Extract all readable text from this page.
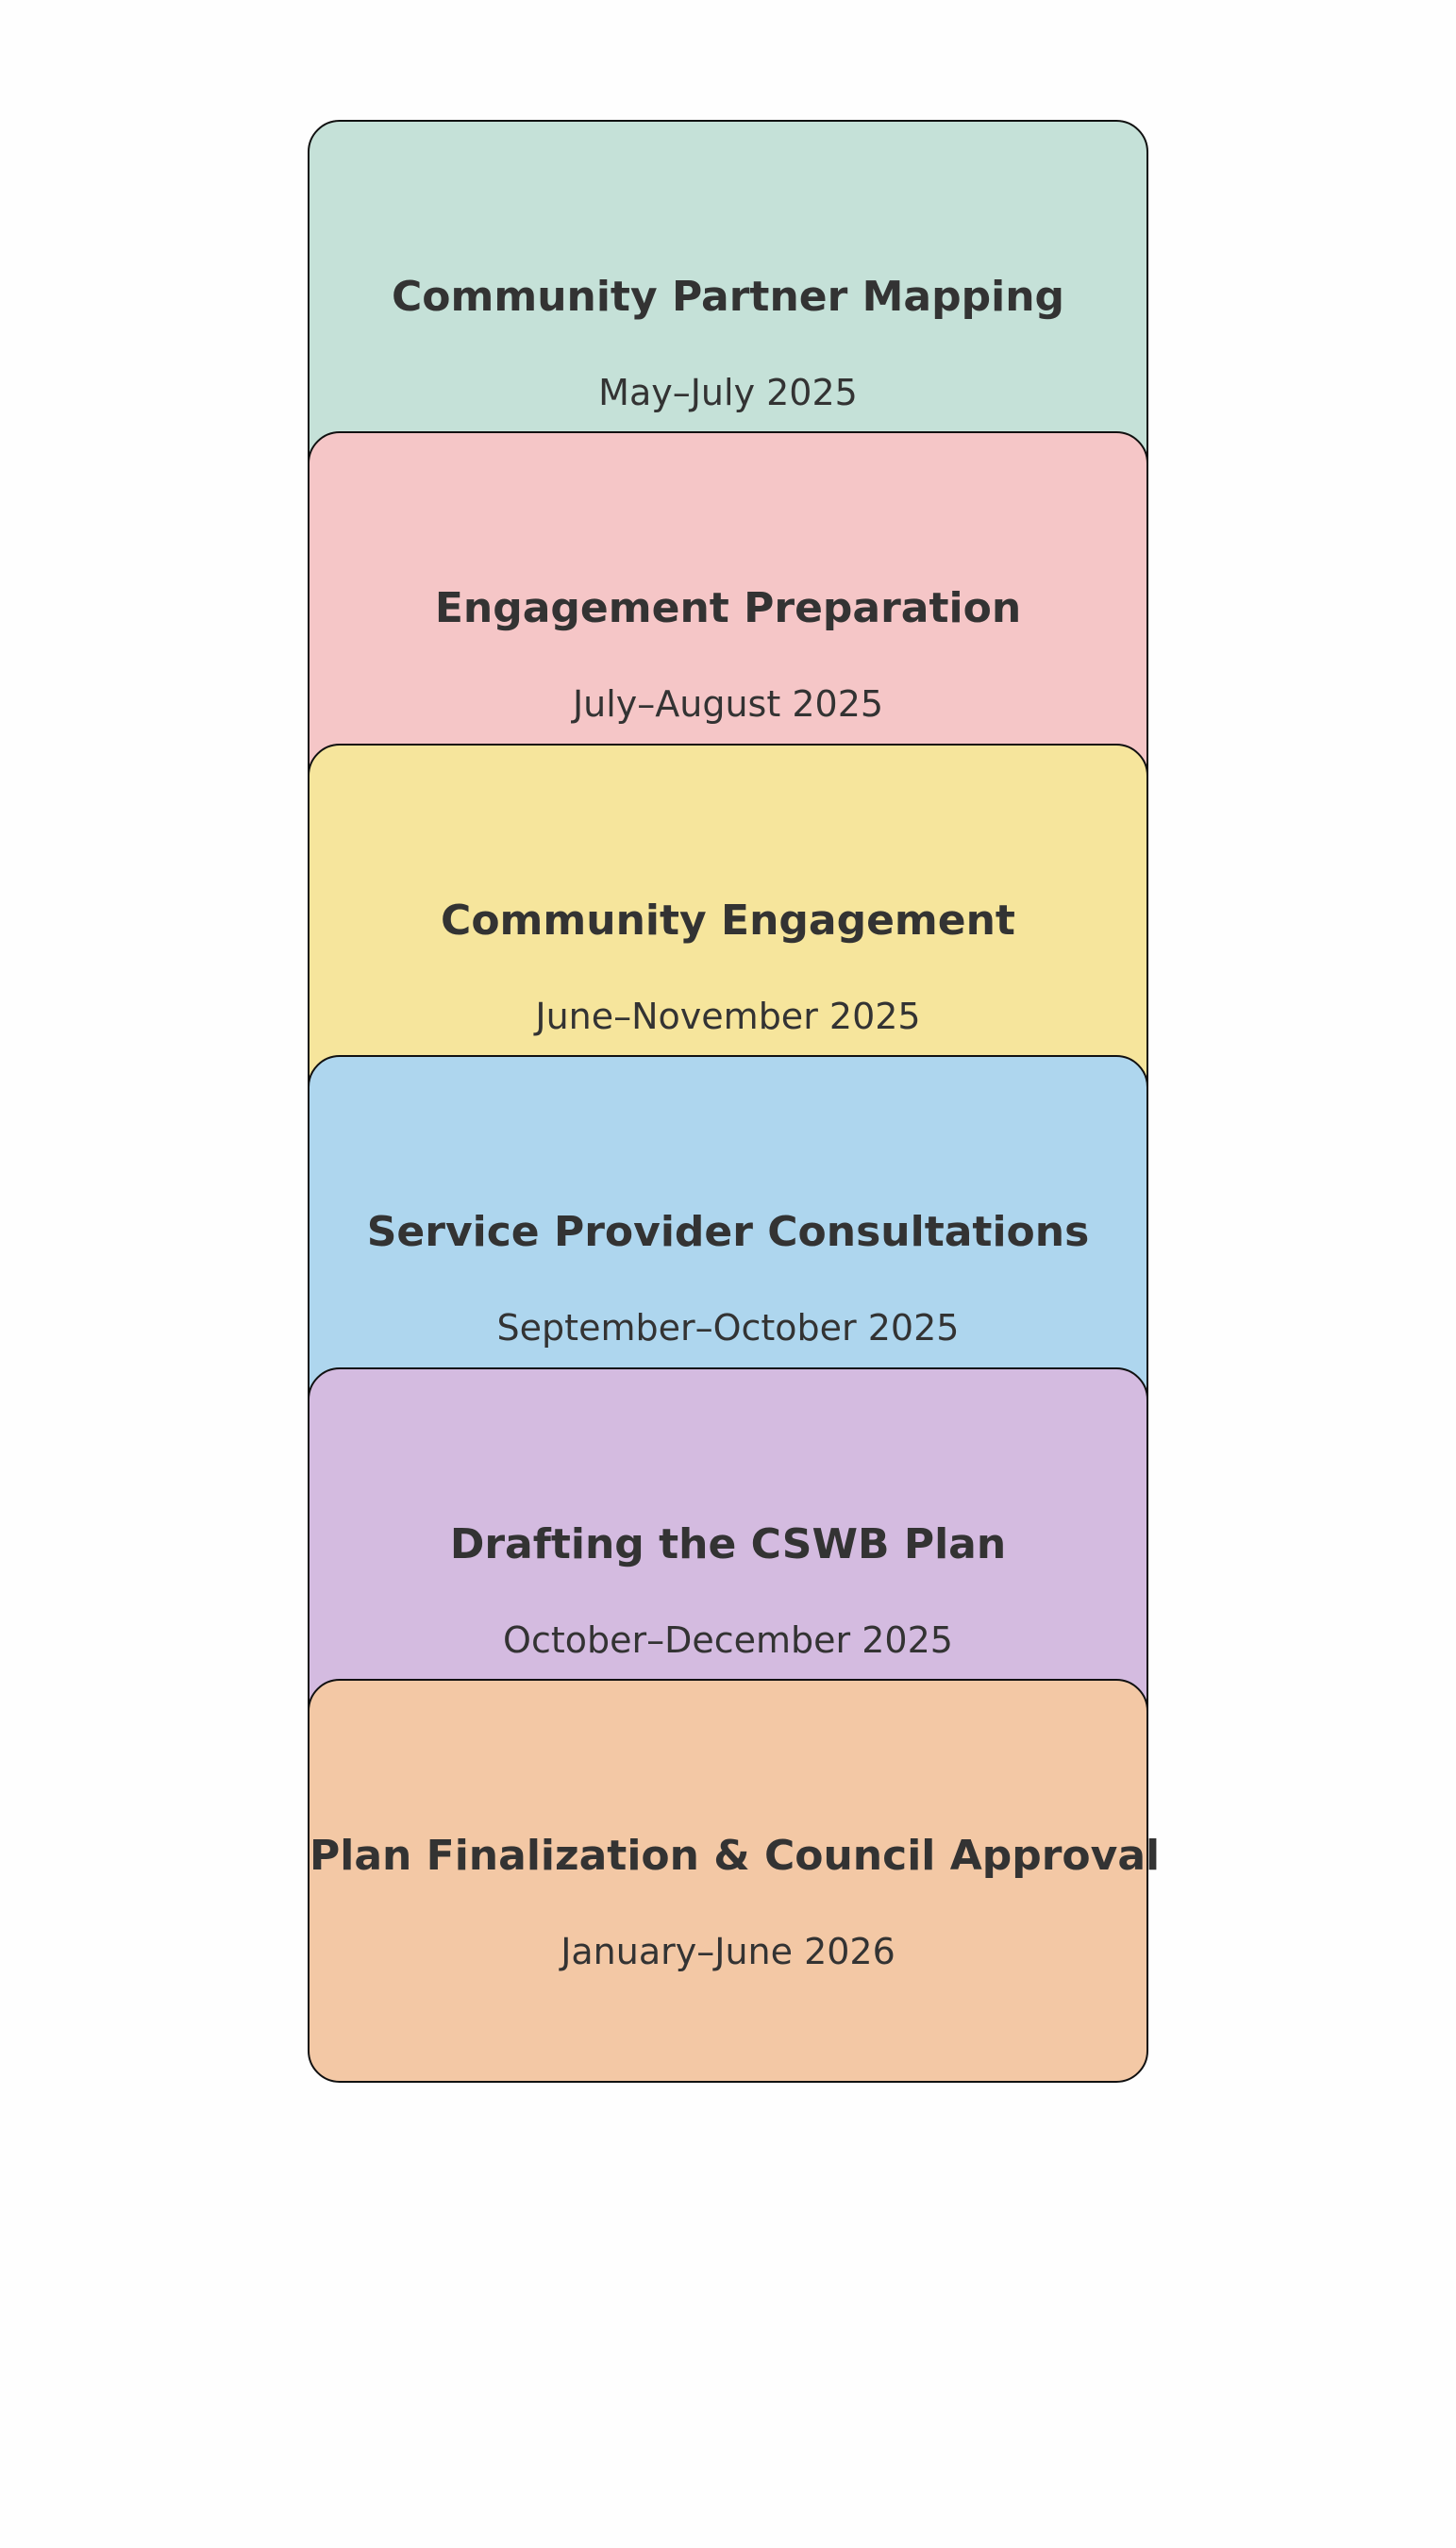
Community Partner Mapping
May–July 2025
Engagement Preparation
July–August 2025
Community Engagement
June–November 2025
Service Provider Consultations
September–October 2025
Drafting the CSWB Plan
October–December 2025
Plan Finalization & Council Approval
January–June 2026
